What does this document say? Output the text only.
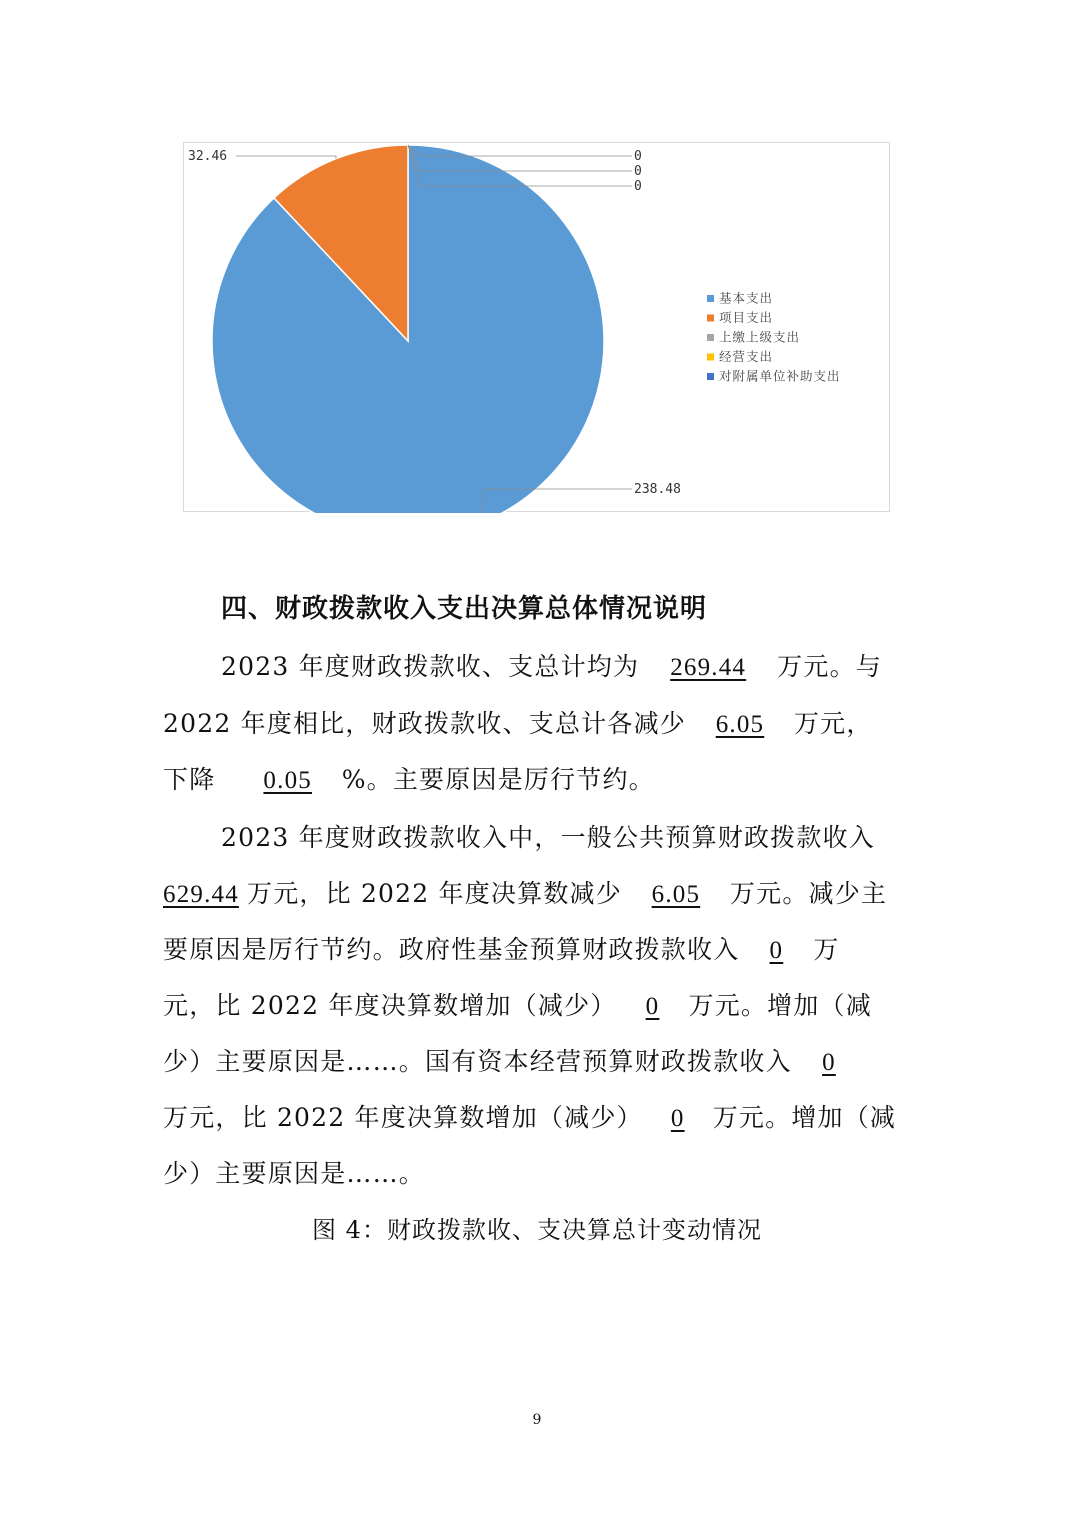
238.48
32.46	0
0
0
基本支出
项目支出
上缴上级支出
经营支出
对附属单位补助支出
四、财政拨款收入支出决算总体情况说明
2023 年度财政拨款收、支总计均为 269.44 万元。与
2022 年度相比，财政拨款收、支总计各减少 6.05 万元，
下降 0.05 %。主要原因是厉行节约。
2023 年度财政拨款收入中，一般公共预算财政拨款收入
629.44 万元，比 2022 年度决算数减少 6.05 万元。减少主
要原因是厉行节约。政府性基金预算财政拨款收入 0 万
元，比 2022 年度决算数增加（减少） 0 万元。增加（减
少）主要原因是……。国有资本经营预算财政拨款收入 0
万元，比 2022 年度决算数增加（减少） 0 万元。增加（减
少）主要原因是……。
图 4：财政拨款收、支决算总计变动情况
9
